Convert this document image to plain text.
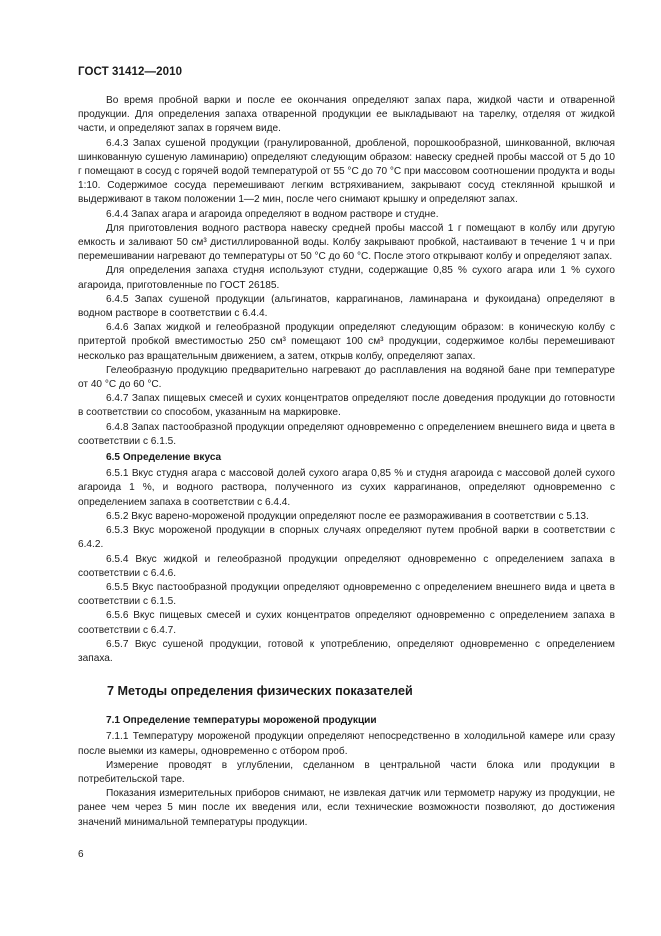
ГОСТ 31412—2010

Во время пробной варки и после ее окончания определяют запах пара, жидкой части и отваренной продукции. Для определения запаха отваренной продукции ее выкладывают на тарелку, отделяя от жидкой части, и определяют запах в горячем виде.

6.4.3 Запах сушеной продукции (гранулированной, дробленой, порошкообразной, шинкованной, включая шинкованную сушеную ламинарию) определяют следующим образом: навеску средней пробы массой от 5 до 10 г помещают в сосуд с горячей водой температурой от 55 °С до 70 °С при массовом соотношении продукта и воды 1:10. Содержимое сосуда перемешивают легким встряхиванием, закрывают сосуд стеклянной крышкой и выдерживают в таком положении 1—2 мин, после чего снимают крышку и определяют запах.

6.4.4 Запах агара и агароида определяют в водном растворе и студне.

Для приготовления водного раствора навеску средней пробы массой 1 г помещают в колбу или другую емкость и заливают 50 см³ дистиллированной воды. Колбу закрывают пробкой, настаивают в течение 1 ч и при перемешивании нагревают до температуры от 50 °С до 60 °С. После этого открывают колбу и определяют запах.

Для определения запаха студня используют студни, содержащие 0,85 % сухого агара или 1 % сухого агароида, приготовленные по ГОСТ 26185.

6.4.5 Запах сушеной продукции (альгинатов, каррагинанов, ламинарана и фукоидана) определяют в водном растворе в соответствии с 6.4.4.

6.4.6 Запах жидкой и гелеобразной продукции определяют следующим образом: в коническую колбу с притертой пробкой вместимостью 250 см³ помещают 100 см³ продукции, содержимое колбы перемешивают несколько раз вращательным движением, а затем, открыв колбу, определяют запах.

Гелеобразную продукцию предварительно нагревают до расплавления на водяной бане при температуре от 40 °С до 60 °С.

6.4.7 Запах пищевых смесей и сухих концентратов определяют после доведения продукции до готовности в соответствии со способом, указанным на маркировке.

6.4.8 Запах пастообразной продукции определяют одновременно с определением внешнего вида и цвета в соответствии с 6.1.5.

6.5 Определение вкуса

6.5.1 Вкус студня агара с массовой долей сухого агара 0,85 % и студня агароида с массовой долей сухого агароида 1 %, и водного раствора, полученного из сухих каррагинанов, определяют одновременно с определением запаха в соответствии с 6.4.4.

6.5.2 Вкус варено-мороженой продукции определяют после ее размораживания в соответствии с 5.13.

6.5.3 Вкус мороженой продукции в спорных случаях определяют путем пробной варки в соответствии с 6.4.2.

6.5.4 Вкус жидкой и гелеобразной продукции определяют одновременно с определением запаха в соответствии с 6.4.6.

6.5.5 Вкус пастообразной продукции определяют одновременно с определением внешнего вида и цвета в соответствии с 6.1.5.

6.5.6 Вкус пищевых смесей и сухих концентратов определяют одновременно с определением запаха в соответствии с 6.4.7.

6.5.7 Вкус сушеной продукции, готовой к употреблению, определяют одновременно с определением запаха.

7 Методы определения физических показателей
7.1 Определение температуры мороженой продукции

7.1.1 Температуру мороженой продукции определяют непосредственно в холодильной камере или сразу после выемки из камеры, одновременно с отбором проб.

Измерение проводят в углублении, сделанном в центральной части блока или продукции в потребительской таре.

Показания измерительных приборов снимают, не извлекая датчик или термометр наружу из продукции, не ранее чем через 5 мин после их введения или, если технические возможности позволяют, до достижения значений минимальной температуры продукции.

6
